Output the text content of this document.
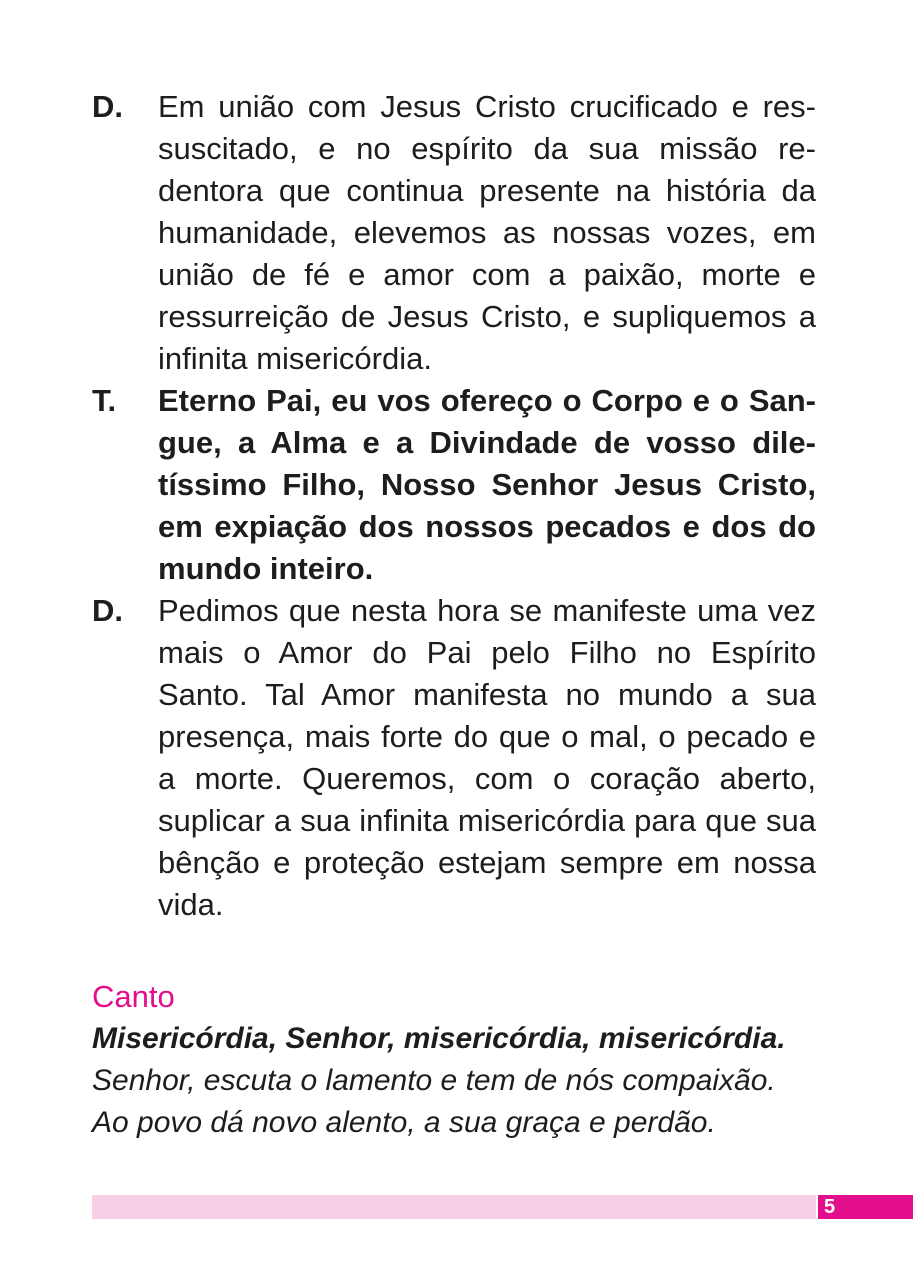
D. Em união com Jesus Cristo crucificado e ressuscitado, e no espírito da sua missão redentora que continua presente na história da humanidade, elevemos as nossas vozes, em união de fé e amor com a paixão, morte e ressurreição de Jesus Cristo, e supliquemos a infinita misericórdia.
T. Eterno Pai, eu vos ofereço o Corpo e o Sangue, a Alma e a Divindade de vosso diletíssimo Filho, Nosso Senhor Jesus Cristo, em expiação dos nossos pecados e dos do mundo inteiro.
D. Pedimos que nesta hora se manifeste uma vez mais o Amor do Pai pelo Filho no Espírito Santo. Tal Amor manifesta no mundo a sua presença, mais forte do que o mal, o pecado e a morte. Queremos, com o coração aberto, suplicar a sua infinita misericórdia para que sua bênção e proteção estejam sempre em nossa vida.

Canto

Misericórdia, Senhor, misericórdia, misericórdia.

Senhor, escuta o lamento e tem de nós compaixão.

Ao povo dá novo alento, a sua graça e perdão.

5
